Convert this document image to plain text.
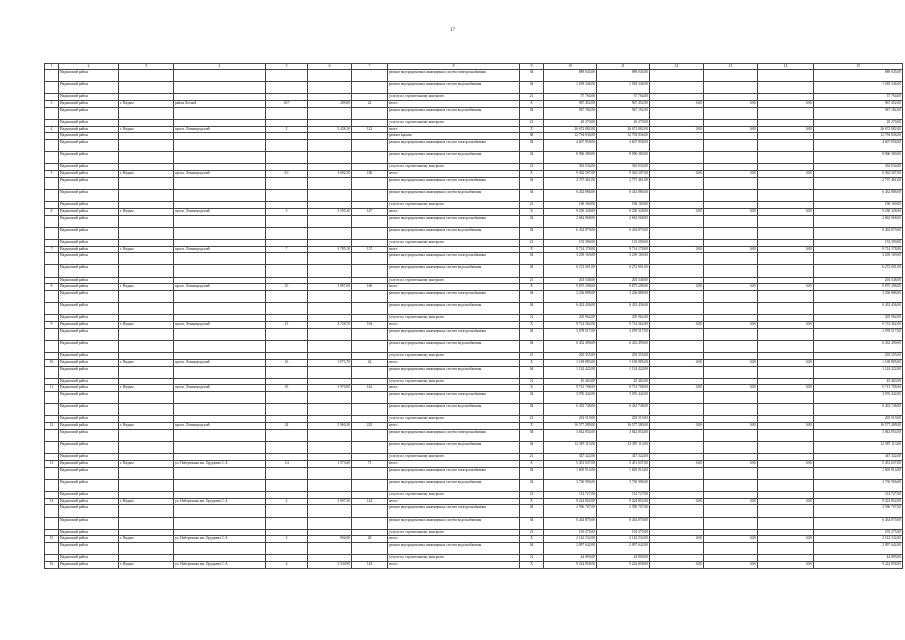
17
1	2	3	4	5	6	7	8	9	10	11	12	13	14	15
	Надымский район						ремонт внутридомовых инженерных систем электроснабжения	04	889 045,00	889 045,00				889 045,00
	Надымский район						ремонт внутридомовых инженерных систем водоснабжения	04	1 018 346,00	1 018 346,00				1 018 346,00
	Надымский район						услуги по строительному контролю	21	57 764,00	57 764,00				57 764,00
3	Надымский район	г. Надым	район Лесной	10/7	209,00	22	итого	X	967 452,00	967 452,00	0,00	0,00	0,00	967 452,00
	Надымский район						ремонт внутридомовых инженерных систем водоснабжения	04	947 182,00	947 182,00				947 182,00
	Надымский район						услуги по строительному контролю	21	20 270,00	20 270,00				20 270,00
4	Надымский район	г. Надым	просп. Ленинградский	2	5 438,10	122	итого	X	26 672 082,00	26 672 082,00	0,00	0,00	0,00	26 672 082,00
	Надымский район						ремонт крыши	08	12 794 836,00	12 794 836,00				12 794 836,00
	Надымский район						ремонт внутридомовых инженерных систем электроснабжения	04	4 607 858,00	4 607 858,00				4 607 858,00
	Надымский район						ремонт внутридомовых инженерных систем водоснабжения	04	8 906 380,00	8 906 380,00				8 906 380,00
	Надымский район						услуги по строительному контролю	21	363 034,00	363 034,00				363 034,00
5	Надымский район	г. Надым	просп. Ленинградский	2/1	3 692,50	106	итого	X	9 362 507,00	9 362 507,00	0,00	0,00	0,00	9 362 507,00
	Надымский район						ремонт внутридомовых инженерных систем электроснабжения	04	2 737 461,00	2 737 461,00				2 737 461,00
	Надымский район						ремонт внутридомовых инженерных систем водоснабжения	04	6 432 886,00	6 432 886,00				6 432 886,00
	Надымский район						услуги по строительному контролю	21	196 160,00	196 160,00				196 160,00
6	Надымский район	г. Надым	просп. Ленинградский	5	3 595,20	147	итого	X	9 250 328,00	9 250 328,00	0,00	0,00	0,00	9 250 328,00
	Надымский район						ремонт внутридомовых инженерных систем электроснабжения	04	2 662 068,00	2 662 068,00				2 662 068,00
	Надымский район						ремонт внутридомовых инженерных систем водоснабжения	04	6 434 870,00	6 434 870,00				6 434 870,00
	Надымский район						услуги по строительному контролю	21	153 390,00	153 390,00				153 390,00
7	Надымский район	г. Надым	просп. Ленинградский	7	3 785,10	137	итого	X	9 714 178,00	9 714 178,00	0,00	0,00	0,00	9 714 178,00
	Надымский район						ремонт внутридомовых инженерных систем электроснабжения	04	3 239 169,00	3 239 169,00				3 239 169,00
	Надымский район						ремонт внутридомовых инженерных систем водоснабжения	04	6 272 001,00	6 272 001,00				6 272 001,00
	Надымский район						услуги по строительному контролю	21	203 548,00	203 548,00				203 548,00
8	Надымский район	г. Надым	просп. Ленинградский	10	3 897,00	166	итого	X	9 875 298,00	9 875 298,00	0,00	0,00	0,00	9 875 298,00
	Надымский район						ремонт внутридомовых инженерных систем электроснабжения	04	3 236 888,00	3 236 888,00				3 236 888,00
	Надымский район						ремонт внутридомовых инженерных систем водоснабжения	04	6 432 436,00	6 432 436,00				6 432 436,00
	Надымский район						услуги по строительному контролю	21	205 962,00	205 962,00				205 962,00
9	Надымский район	г. Надым	просп. Ленинградский	15	3 728,70	164	итого	X	9 714 362,00	9 714 362,00	0,00	0,00	0,00	9 714 362,00
	Надымский район						ремонт внутридомовых инженерных систем электроснабжения	04	3 078 517,00	3 078 517,00				3 078 517,00
	Надымский район						ремонт внутридомовых инженерных систем водоснабжения	04	6 432 490,00	6 432 490,00				6 432 490,00
	Надымский район						услуги по строительному контролю	21	203 355,00	203 355,00				203 355,00
10	Надымский район	г. Надым	просп. Ленинградский	16	1 073,70	42	итого	X	1 169 885,00	1 169 885,00	0,00	0,00	0,00	1 169 885,00
	Надымский район						ремонт внутридомовых инженерных систем водоснабжения	04	1 124 422,00	1 124 422,00				1 124 422,00
	Надымский район						услуги по строительному контролю	21	45 463,00	45 463,00				45 463,00
11	Надымский район	г. Надым	просп. Ленинградский	19	3 970,00	162	итого	X	9 713 708,00	9 713 708,00	0,00	0,00	0,00	9 713 708,00
	Надымский район						ремонт внутридомовых инженерных систем электроснабжения	04	3 076 442,00	3 076 442,00				3 076 442,00
	Надымский район						ремонт внутридомовых инженерных систем водоснабжения	04	6 433 748,00	6 433 748,00				6 433 748,00
	Надымский район						услуги по строительному контролю	21	203 519,00	203 519,00				203 519,00
12	Надымский район	г. Надым	просп. Ленинградский	24	5 960,30	225	итого	X	16 577 289,00	16 577 289,00	0,00	0,00	0,00	16 577 289,00
	Надымский район						ремонт внутридомовых инженерных систем электроснабжения	04	3 842 854,00	3 842 854,00				3 842 854,00
	Надымский район						ремонт внутридомовых инженерных систем водоснабжения	04	12 387 113,00	12 387 113,00				12 387 113,00
	Надымский район						услуги по строительному контролю	21	347 322,00	347 322,00				347 322,00
13	Надымский район	г. Надым	ул. Набережная им. Оруджева С.А.	1/4	1 573,60	73	итого	X	5 451 637,00	5 451 637,00	0,00	0,00	0,00	5 451 637,00
	Надымский район						ремонт внутридомовых инженерных систем электроснабжения	04	1 605 914,00	1 605 914,00				1 605 914,00
	Надымский район						ремонт внутридомовых инженерных систем водоснабжения	04	3 730 996,00	3 730 996,00				3 730 996,00
	Надымский район						услуги по строительному контролю	21	114 727,00	114 727,00				114 727,00
14	Надымский район	г. Надым	ул. Набережная им. Оруджева С.А.	2	3 697,30	144	итого	X	9 224 852,00	9 224 852,00	0,00	0,00	0,00	9 224 852,00
	Надымский район						ремонт внутридомовых инженерных систем электроснабжения	04	2 596 707,00	2 596 707,00				2 596 707,00
	Надымский район						ремонт внутридомовых инженерных систем водоснабжения	04	6 434 870,00	6 434 870,00				6 434 870,00
	Надымский район						услуги по строительному контролю	21	193 275,00	193 275,00				193 275,00
15	Надымский район	г. Надым	ул. Набережная им. Оруджева С.А.	3	904,00	28	итого	X	2 142 532,00	2 142 532,00	0,00	0,00	0,00	2 142 532,00
	Надымский район						ремонт внутридомовых инженерных систем водоснабжения	04	2 097 642,00	2 097 642,00				2 097 642,00
	Надымский район						услуги по строительному контролю	21	44 890,00	44 890,00				44 890,00
16	Надымский район	г. Надым	ул. Набережная им. Оруджева С.А.	4	3 530,90	144	итого	X	9 224 858,00	9 224 858,00	0,00	0,00	0,00	9 224 858,00
